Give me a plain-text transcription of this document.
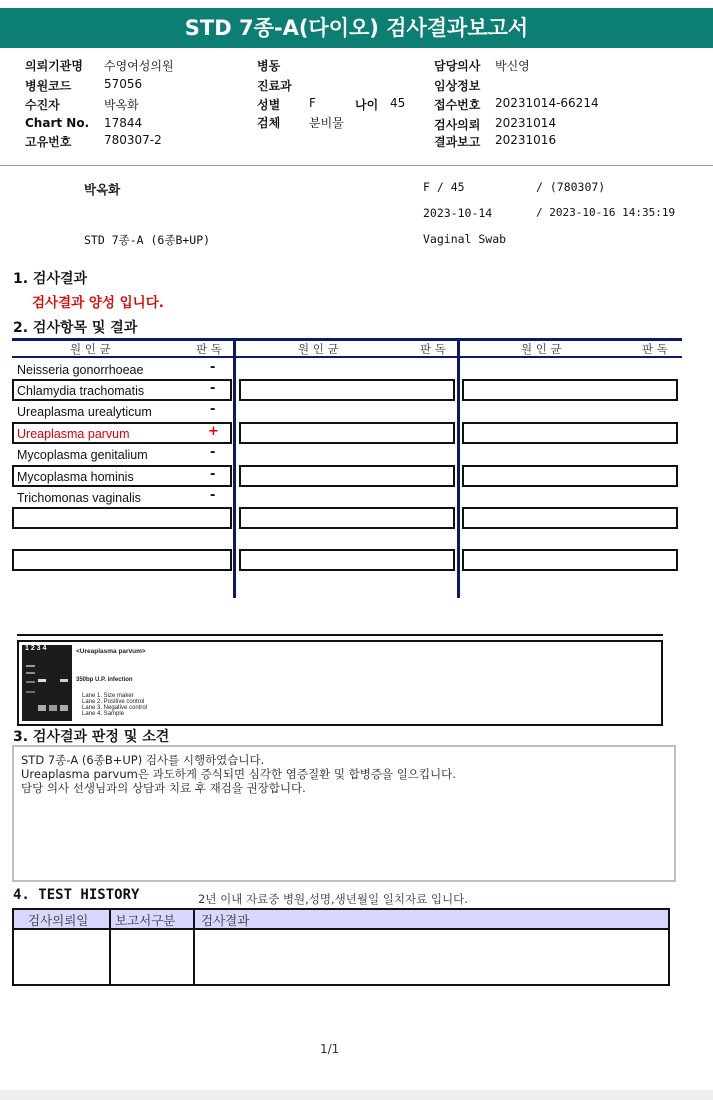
STD 7종-A(다이오) 검사결과보고서
의뢰기관명 수영여성의원
병원코드	57056
수진자	박옥화
Chart No. 17844
고유번호	780307-2
병동
진료과
성별 F	나이 45
검체 분비물
담당의사 박신영
임상정보
접수번호 20231014-66214
검사의뢰 20231014
결과보고 20231016
박옥화	F / 45	/ (780307)
2023-10-14	/ 2023-10-16 14:35:19
STD 7종-A (6종B+UP)	Vaginal Swab
1. 검사결과
검사결과 양성 입니다.
2. 검사항목 및 결과
원 인 균	판 독	원 인 균	판 독	원 인 균	판 독
Neisseria gonorrhoeae	-
Chlamydia trachomatis	-
Ureaplasma urealyticum	-
Ureaplasma parvum	+
Mycoplasma genitalium	-
Mycoplasma hominis	-
Trichomonas vaginalis	-
1 2 3 4	<Ureaplasma parvum>
350bp U.P. infection
Lane 1. Size maker
Lane 2. Positive control
Lane 3. Negative control
Lane 4. Sample
3. 검사결과 판정 및 소견
STD 7종-A (6종B+UP) 검사를 시행하였습니다.
Ureaplasma parvum은 과도하게 증식되면 심각한 염증질환 및 합병증을 일으킵니다.
담당 의사 선생님과의 상담과 치료 후 재검을 권장합니다.
4. TEST HISTORY	2년 이내 자료중 병원,성명,생년월일 일치자료 입니다.
검사의뢰일 보고서구분 검사결과
1/1
